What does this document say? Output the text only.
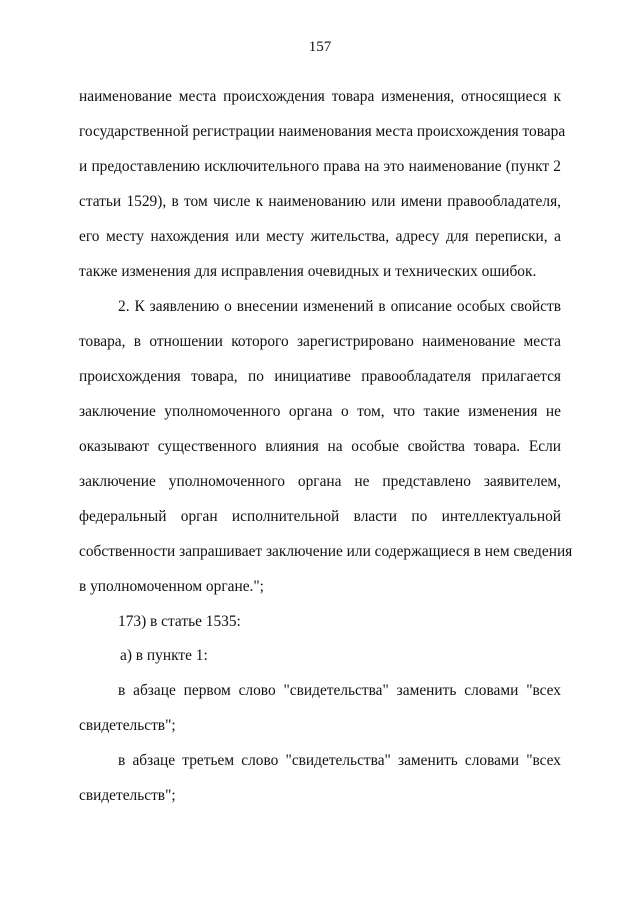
157
наименование места происхождения товара изменения, относящиеся к
государственной регистрации наименования места происхождения товара
и предоставлению исключительного права на это наименование (пункт 2
статьи 1529), в том числе к наименованию или имени правообладателя,
его месту нахождения или месту жительства, адресу для переписки, а
также изменения для исправления очевидных и технических ошибок.
2. К заявлению о внесении изменений в описание особых свойств
товара, в отношении которого зарегистрировано наименование места
происхождения товара, по инициативе правообладателя прилагается
заключение уполномоченного органа о том, что такие изменения не
оказывают существенного влияния на особые свойства товара. Если
заключение уполномоченного органа не представлено заявителем,
федеральный орган исполнительной власти по интеллектуальной
собственности запрашивает заключение или содержащиеся в нем сведения
в уполномоченном органе.";
173) в статье 1535:
а) в пункте 1:
в абзаце первом слово "свидетельства" заменить словами "всех
свидетельств";
в абзаце третьем слово "свидетельства" заменить словами "всех
свидетельств";
